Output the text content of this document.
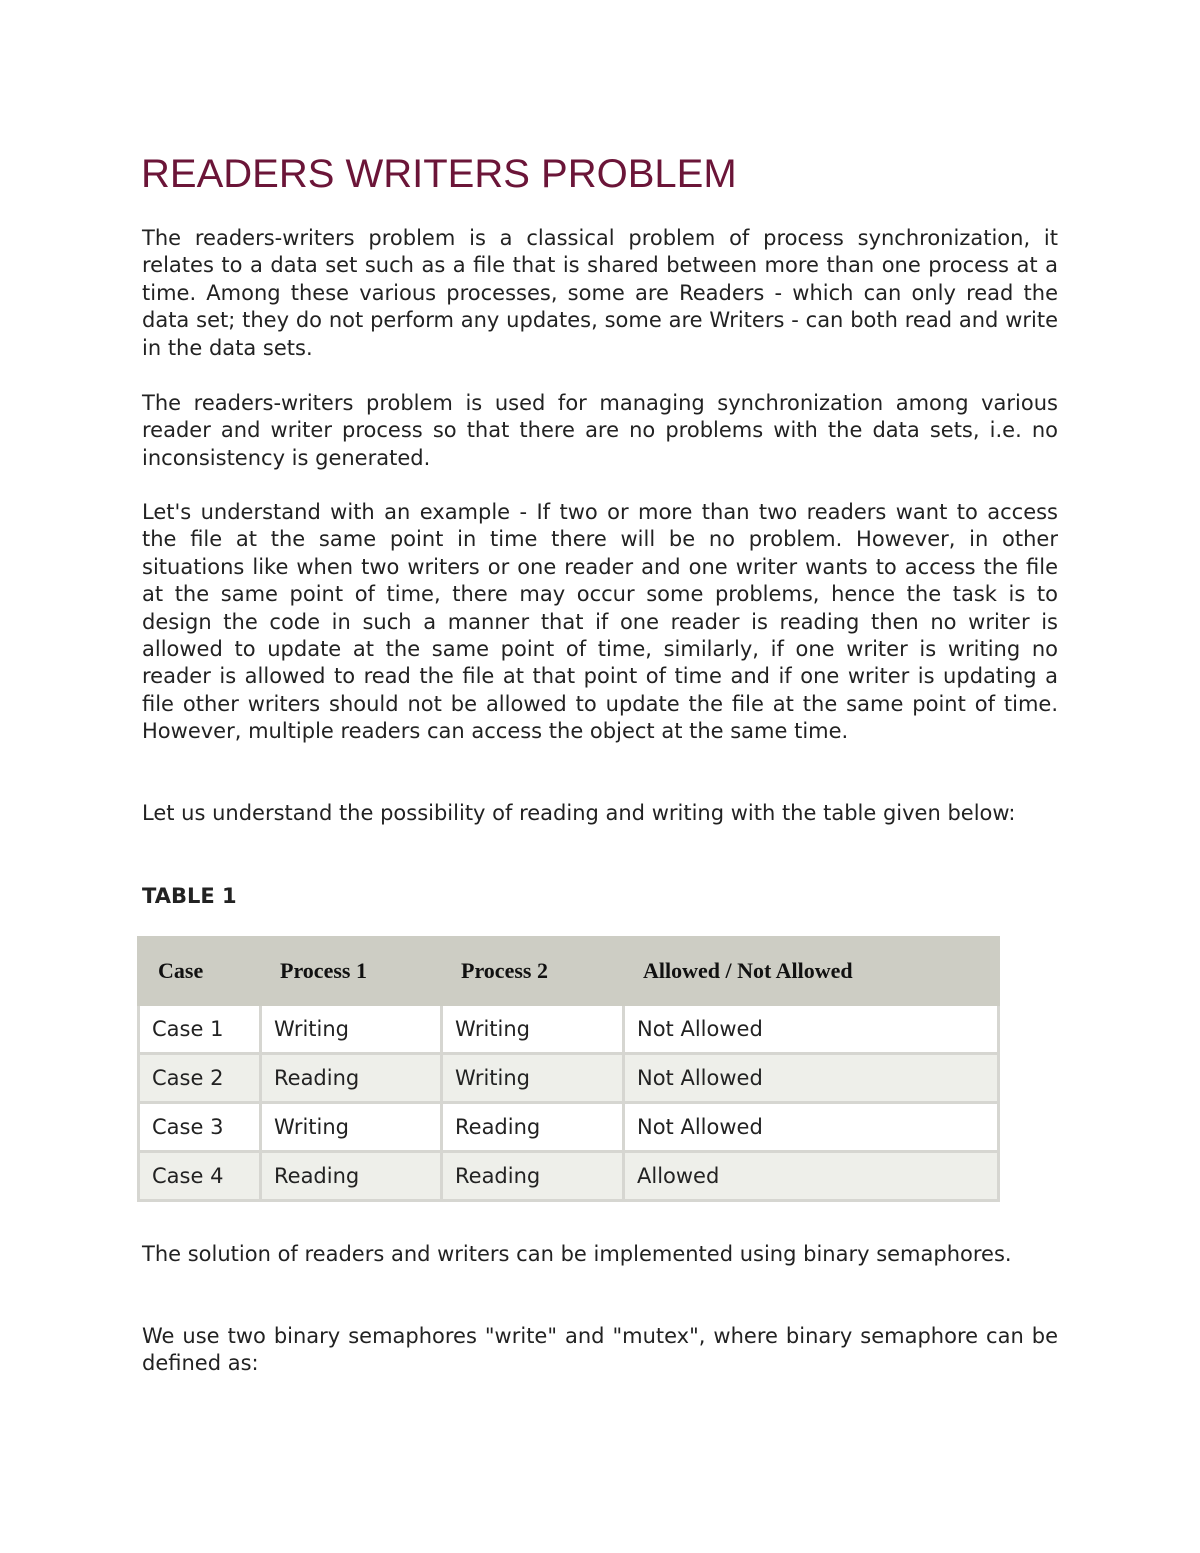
READERS WRITERS PROBLEM

The readers-writers problem is a classical problem of process synchronization, it relates to a data set such as a file that is shared between more than one process at a time. Among these various processes, some are Readers - which can only read the data set; they do not perform any updates, some are Writers - can both read and write in the data sets.

The readers-writers problem is used for managing synchronization among various reader and writer process so that there are no problems with the data sets, i.e. no inconsistency is generated.

Let's understand with an example - If two or more than two readers want to access the file at the same point in time there will be no problem. However, in other situations like when two writers or one reader and one writer wants to access the file at the same point of time, there may occur some problems, hence the task is to design the code in such a manner that if one reader is reading then no writer is allowed to update at the same point of time, similarly, if one writer is writing no reader is allowed to read the file at that point of time and if one writer is updating a file other writers should not be allowed to update the file at the same point of time. However, multiple readers can access the object at the same time.

Let us understand the possibility of reading and writing with the table given below:

TABLE 1

Case	Process 1	Process 2	Allowed / Not Allowed
Case 1	Writing	Writing	Not Allowed
Case 2	Reading	Writing	Not Allowed
Case 3	Writing	Reading	Not Allowed
Case 4	Reading	Reading	Allowed

The solution of readers and writers can be implemented using binary semaphores.

We use two binary semaphores "write" and "mutex", where binary semaphore can be defined as:
